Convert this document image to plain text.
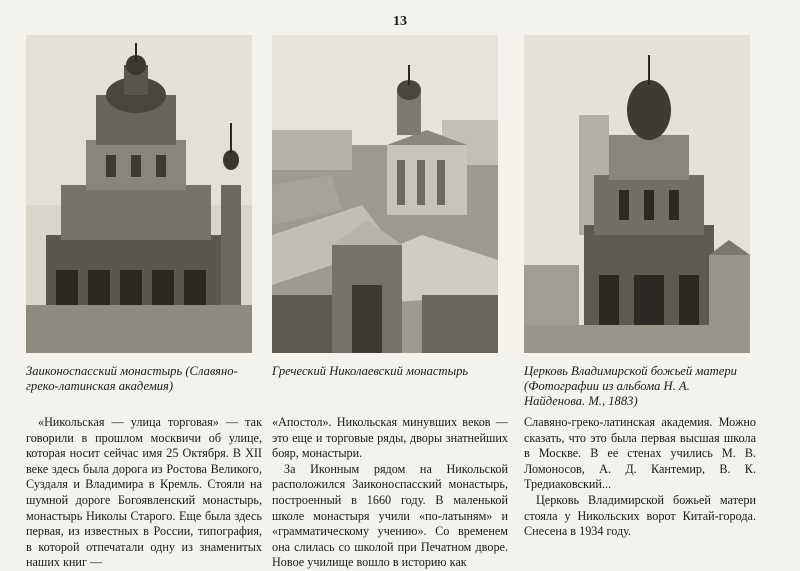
13
Заиконоспасский монастырь (Славяно-греко-латинская академия)
Греческий Николаевский монастырь	Церковь Владимирской божьей матери (Фотографии из альбома Н. А. Найденова. М., 1883)

«Никольская — улица торговая» — так говорили в прошлом москвичи об улице, которая носит сейчас имя 25 Октября. В XII веке здесь была дорога из Ростова Великого, Суздаля и Владимира в Кремль. Стояли на шумной дороге Богоявленский монастырь, монастырь Николы Старого. Еще была здесь первая, из известных в России, типография, в которой отпечатали одну из знаменитых наших книг —

«Апостол». Никольская минувших веков — это еще и торговые ряды, дворы знатнейших бояр, монастыри.

За Иконным рядом на Никольской расположился Заиконоспасский монастырь, построенный в 1660 году. В маленькой школе монастыря учили «по-латыням» и «грамматическому учению». Со временем она слилась со школой при Печатном дворе. Новое училище вошло в историю как

Славяно-греко-латинская академия. Можно сказать, что это была первая высшая школа в Москве. В ее стенах учились М. В. Ломоносов, А. Д. Кантемир, В. К. Тредиаковский...

Церковь Владимирской божьей матери стояла у Никольских ворот Китай-города. Снесена в 1934 году.
